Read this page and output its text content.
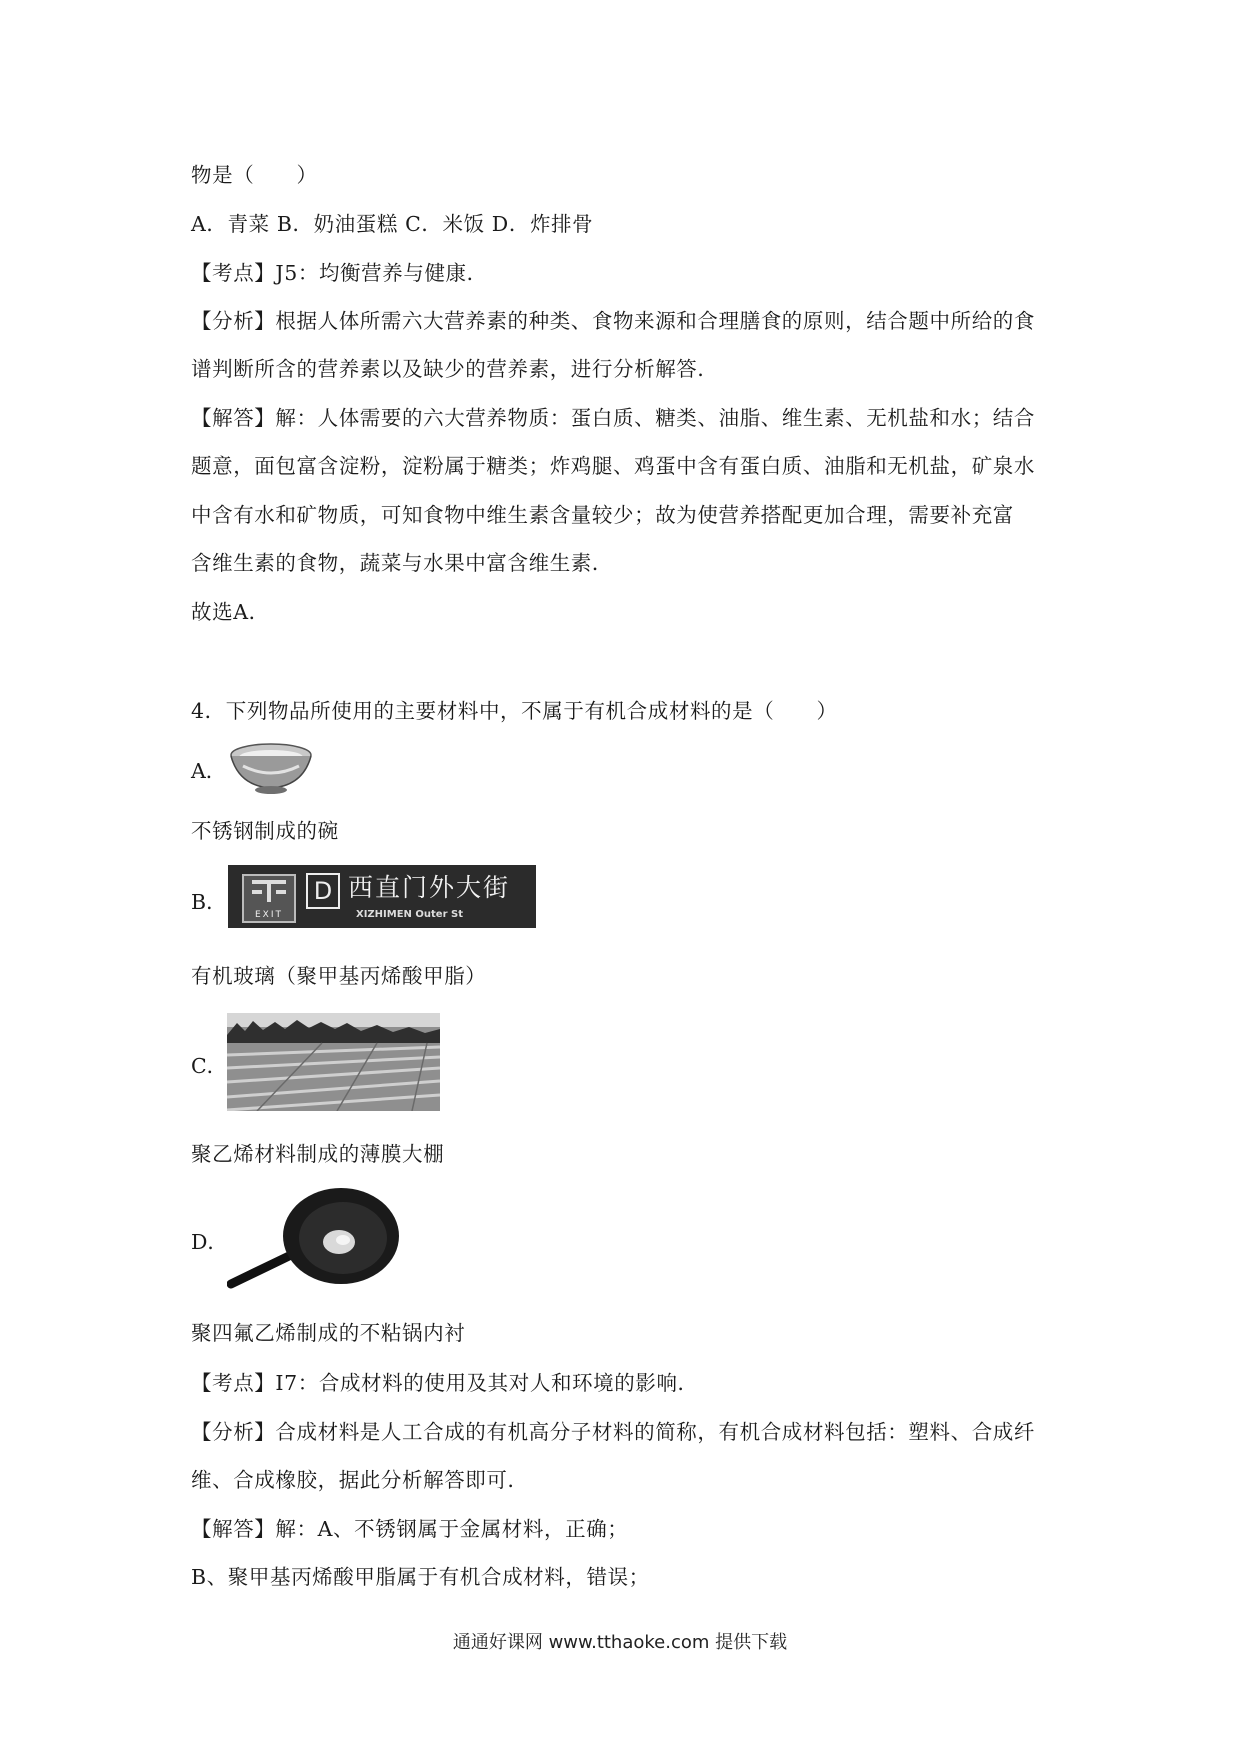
物是（　　）
A．青菜 B．奶油蛋糕 C．米饭 D．炸排骨
【考点】J5：均衡营养与健康．
【分析】根据人体所需六大营养素的种类、食物来源和合理膳食的原则，结合题中所给的食
谱判断所含的营养素以及缺少的营养素，进行分析解答．
【解答】解：人体需要的六大营养物质：蛋白质、糖类、油脂、维生素、无机盐和水；结合
题意，面包富含淀粉，淀粉属于糖类；炸鸡腿、鸡蛋中含有蛋白质、油脂和无机盐，矿泉水
中含有水和矿物质，可知食物中维生素含量较少；故为使营养搭配更加合理，需要补充富
含维生素的食物，蔬菜与水果中富含维生素．
故选A．
4．下列物品所使用的主要材料中，不属于有机合成材料的是（　　）
A．
不锈钢制成的碗
B．
EXIT
D 西直门外大街
XIZHIMEN Outer St
有机玻璃（聚甲基丙烯酸甲脂）
C．
聚乙烯材料制成的薄膜大棚
D．
聚四氟乙烯制成的不粘锅内衬
【考点】I7：合成材料的使用及其对人和环境的影响．
【分析】合成材料是人工合成的有机高分子材料的简称，有机合成材料包括：塑料、合成纤
维、合成橡胶，据此分析解答即可．
【解答】解：A、不锈钢属于金属材料，正确；
B、聚甲基丙烯酸甲脂属于有机合成材料，错误；
通通好课网 www.tthaoke.com 提供下载
